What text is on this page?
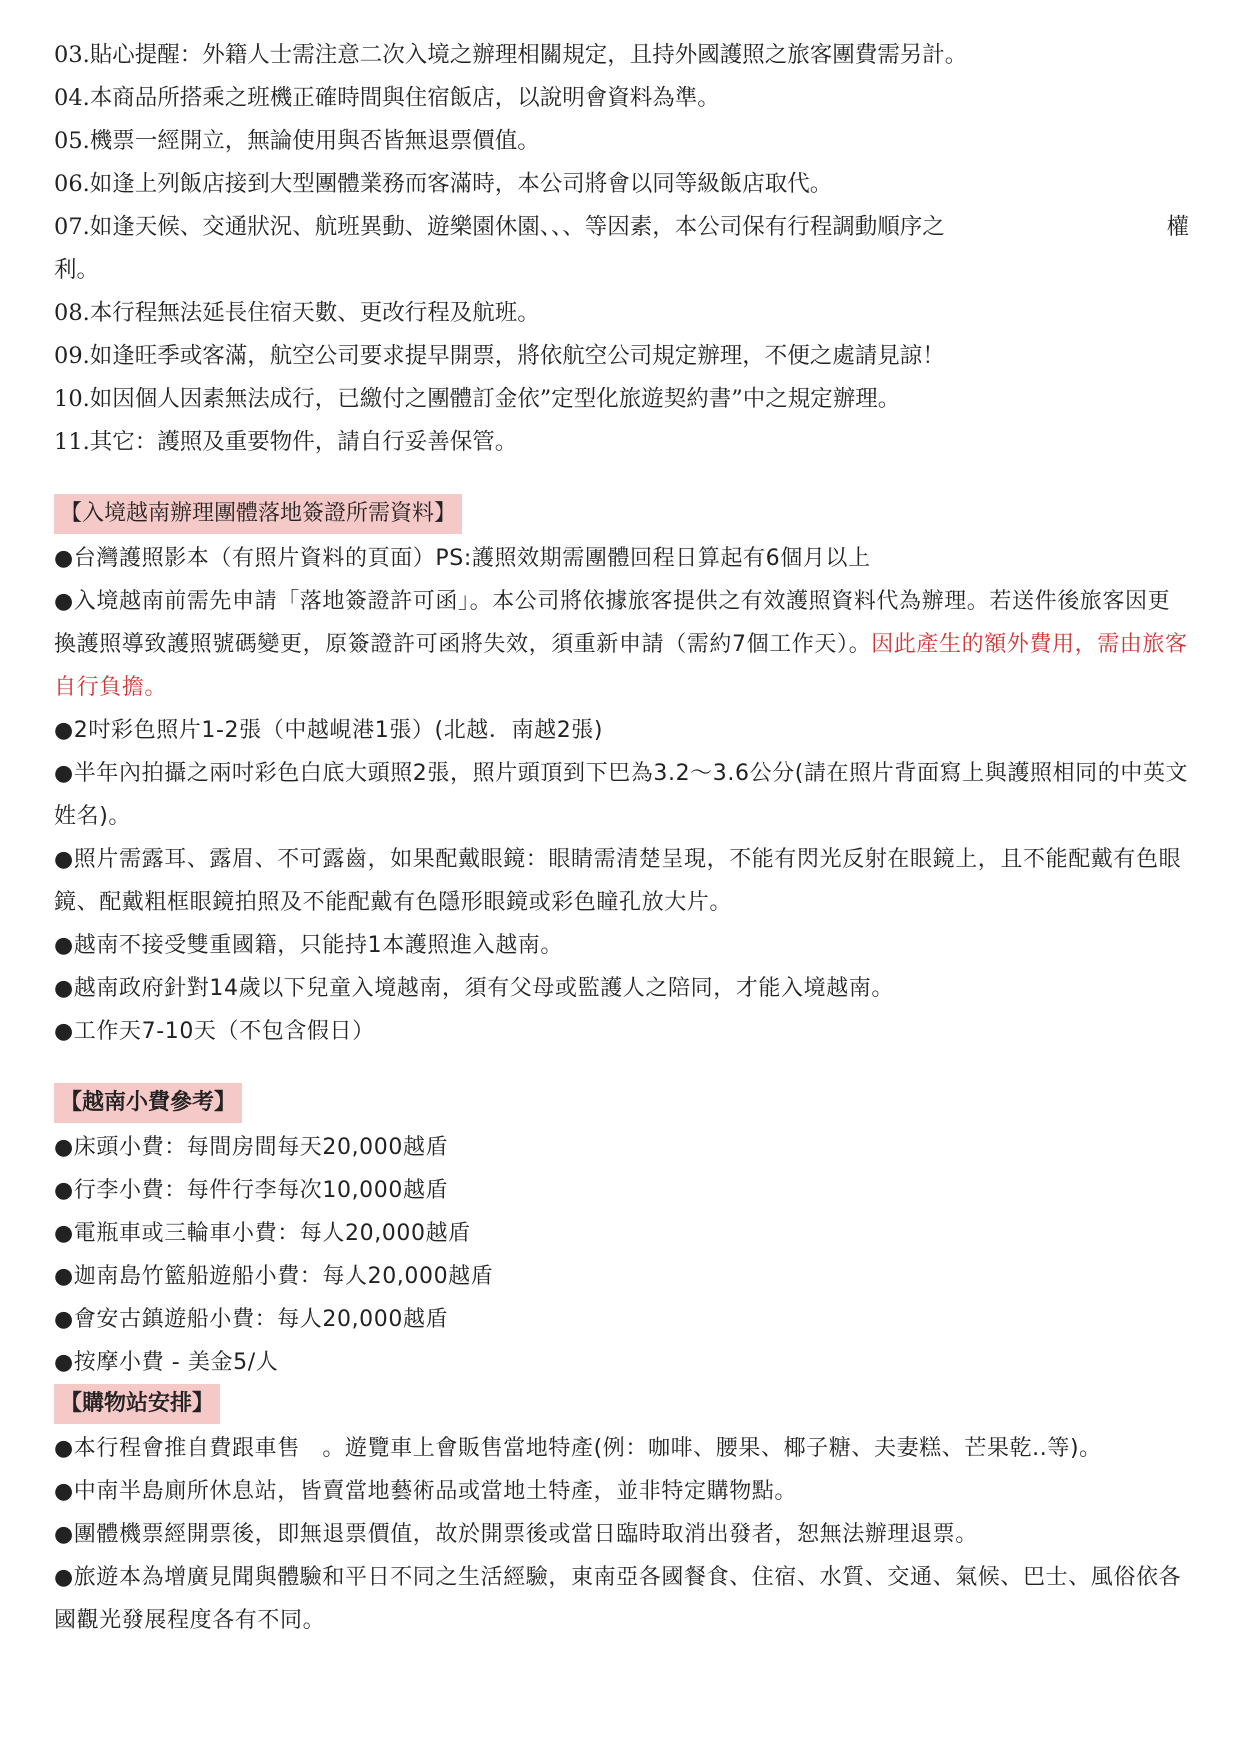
03.貼心提醒：外籍人士需注意二次入境之辦理相關規定，且持外國護照之旅客團費需另計。

04.本商品所搭乘之班機正確時間與住宿飯店，以說明會資料為準。

05.機票一經開立，無論使用與否皆無退票價值。

06.如逢上列飯店接到大型團體業務而客滿時，本公司將會以同等級飯店取代。

07.如逢天候、交通狀況、航班異動、遊樂園休園、、、等因素，本公司保有行程調動順序之	權

利。

08.本行程無法延長住宿天數、更改行程及航班。

09.如逢旺季或客滿，航空公司要求提早開票，將依航空公司規定辦理，不便之處請見諒！

10.如因個人因素無法成行，已繳付之團體訂金依”定型化旅遊契約書”中之規定辦理。

11.其它：護照及重要物件，請自行妥善保管。

【入境越南辦理團體落地簽證所需資料】

●台灣護照影本（有照片資料的頁面）PS:護照效期需團體回程日算起有6個月以上

●入境越南前需先申請「落地簽證許可函」。本公司將依據旅客提供之有效護照資料代為辦理。若送件後旅客因更換護照導致護照號碼變更，原簽證許可函將失效，須重新申請（需約7個工作天）。因此產生的額外費用，需由旅客自行負擔。

●2吋彩色照片1-2張（中越峴港1張）(北越．南越2張)

●半年內拍攝之兩吋彩色白底大頭照2張，照片頭頂到下巴為3.2～3.6公分(請在照片背面寫上與護照相同的中英文姓名)。

●照片需露耳、露眉、不可露齒，如果配戴眼鏡：眼睛需清楚呈現，不能有閃光反射在眼鏡上，且不能配戴有色眼鏡、配戴粗框眼鏡拍照及不能配戴有色隱形眼鏡或彩色瞳孔放大片。

●越南不接受雙重國籍，只能持1本護照進入越南。

●越南政府針對14歲以下兒童入境越南，須有父母或監護人之陪同，才能入境越南。

●工作天7-10天（不包含假日）

【越南小費參考】

●床頭小費：每間房間每天20,000越盾

●行李小費：每件行李每次10,000越盾

●電瓶車或三輪車小費：每人20,000越盾

●迦南島竹籃船遊船小費：每人20,000越盾

●會安古鎮遊船小費：每人20,000越盾

●按摩小費 - 美金5/人

【購物站安排】

●本行程會推自費跟車售　。遊覽車上會販售當地特產(例：咖啡、腰果、椰子糖、夫妻糕、芒果乾..等)。

●中南半島廁所休息站，皆賣當地藝術品或當地土特產，並非特定購物點。

●團體機票經開票後，即無退票價值，故於開票後或當日臨時取消出發者，恕無法辦理退票。

●旅遊本為增廣見聞與體驗和平日不同之生活經驗，東南亞各國餐食、住宿、水質、交通、氣候、巴士、風俗依各國觀光發展程度各有不同。
